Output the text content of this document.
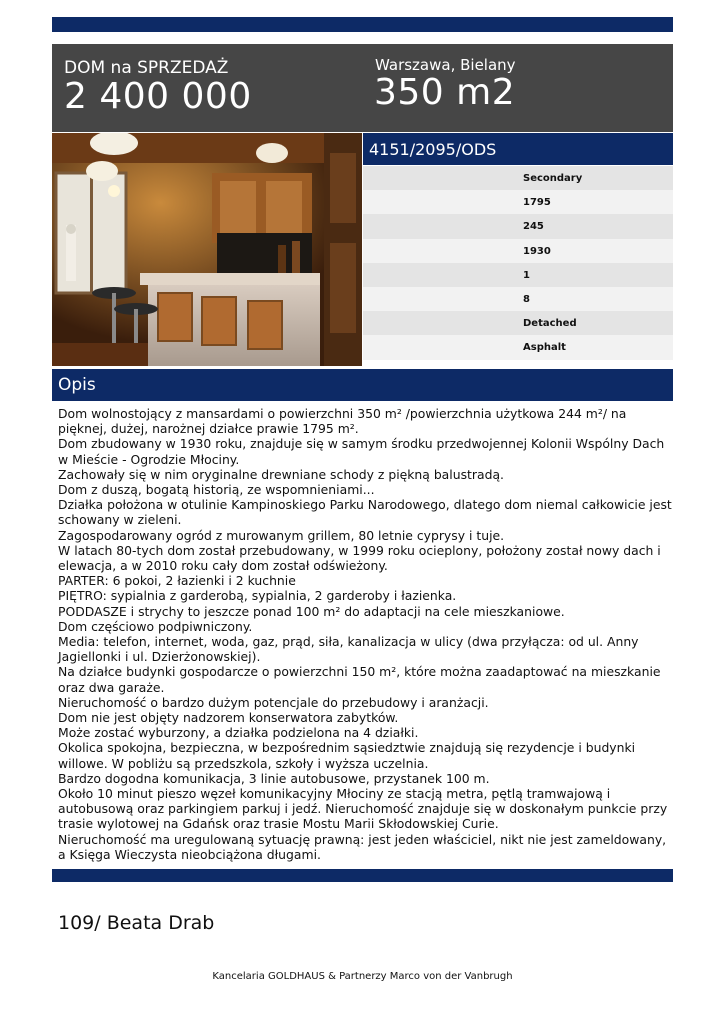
DOM na SPRZEDAŻ
2 400 000
Warszawa, Bielany
350 m2
4151/2095/ODS
Secondary
1795
245
1930
1
8
Detached
Asphalt
Opis
Dom wolnostojący z mansardami o powierzchni 350 m² /powierzchnia użytkowa 244 m²/ na
pięknej, dużej, narożnej działce prawie 1795 m².
Dom zbudowany w 1930 roku, znajduje się w samym środku przedwojennej Kolonii Wspólny Dach
w Mieście - Ogrodzie Młociny.
Zachowały się w nim oryginalne drewniane schody z piękną balustradą.
Dom z duszą, bogatą historią, ze wspomnieniami...
Działka położona w otulinie Kampinoskiego Parku Narodowego, dlatego dom niemal całkowicie jest
schowany w zieleni.
Zagospodarowany ogród z murowanym grillem, 80 letnie cyprysy i tuje.
W latach 80-tych dom został przebudowany, w 1999 roku ocieplony, położony został nowy dach i
elewacja, a w 2010 roku cały dom został odświeżony.
PARTER: 6 pokoi, 2 łazienki i 2 kuchnie
PIĘTRO: sypialnia z garderobą, sypialnia, 2 garderoby i łazienka.
PODDASZE i strychy to jeszcze ponad 100 m² do adaptacji na cele mieszkaniowe.
Dom częściowo podpiwniczony.
Media: telefon, internet, woda, gaz, prąd, siła, kanalizacja w ulicy (dwa przyłącza: od ul. Anny
Jagiellonki i ul. Dzierżonowskiej).
Na działce budynki gospodarcze o powierzchni 150 m², które można zaadaptować na mieszkanie
oraz dwa garaże.
Nieruchomość o bardzo dużym potencjale do przebudowy i aranżacji.
Dom nie jest objęty nadzorem konserwatora zabytków.
Może zostać wyburzony, a działka podzielona na 4 działki.
Okolica spokojna, bezpieczna, w bezpośrednim sąsiedztwie znajdują się rezydencje i budynki
willowe. W pobliżu są przedszkola, szkoły i wyższa uczelnia.
Bardzo dogodna komunikacja, 3 linie autobusowe, przystanek 100 m.
Około 10 minut pieszo węzeł komunikacyjny Młociny ze stacją metra, pętlą tramwajową i
autobusową oraz parkingiem parkuj i jedź. Nieruchomość znajduje się w doskonałym punkcie przy
trasie wylotowej na Gdańsk oraz trasie Mostu Marii Skłodowskiej Curie.
Nieruchomość ma uregulowaną sytuację prawną: jest jeden właściciel, nikt nie jest zameldowany,
a Księga Wieczysta nieobciążona długami.
109/ Beata Drab
Kancelaria GOLDHAUS & Partnerzy Marco von der Vanbrugh
